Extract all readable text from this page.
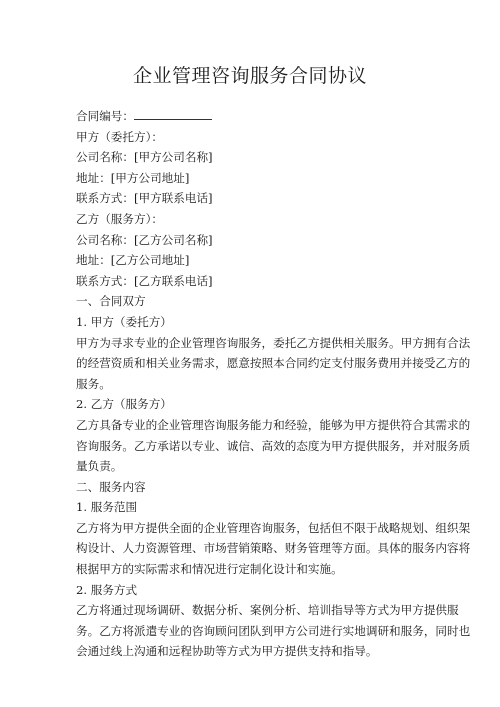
企业管理咨询服务合同协议

合同编号：

甲方（委托方）：

公司名称：[甲方公司名称]

地址：[甲方公司地址]

联系方式：[甲方联系电话]

乙方（服务方）：

公司名称：[乙方公司名称]

地址：[乙方公司地址]

联系方式：[乙方联系电话]

一、合同双方

1. 甲方（委托方）

甲方为寻求专业的企业管理咨询服务，委托乙方提供相关服务。甲方拥有合法

的经营资质和相关业务需求，愿意按照本合同约定支付服务费用并接受乙方的

服务。

2. 乙方（服务方）

乙方具备专业的企业管理咨询服务能力和经验，能够为甲方提供符合其需求的

咨询服务。乙方承诺以专业、诚信、高效的态度为甲方提供服务，并对服务质

量负责。

二、服务内容

1. 服务范围

乙方将为甲方提供全面的企业管理咨询服务，包括但不限于战略规划、组织架

构设计、人力资源管理、市场营销策略、财务管理等方面。具体的服务内容将

根据甲方的实际需求和情况进行定制化设计和实施。

2. 服务方式

乙方将通过现场调研、数据分析、案例分析、培训指导等方式为甲方提供服

务。乙方将派遣专业的咨询顾问团队到甲方公司进行实地调研和服务，同时也

会通过线上沟通和远程协助等方式为甲方提供支持和指导。
